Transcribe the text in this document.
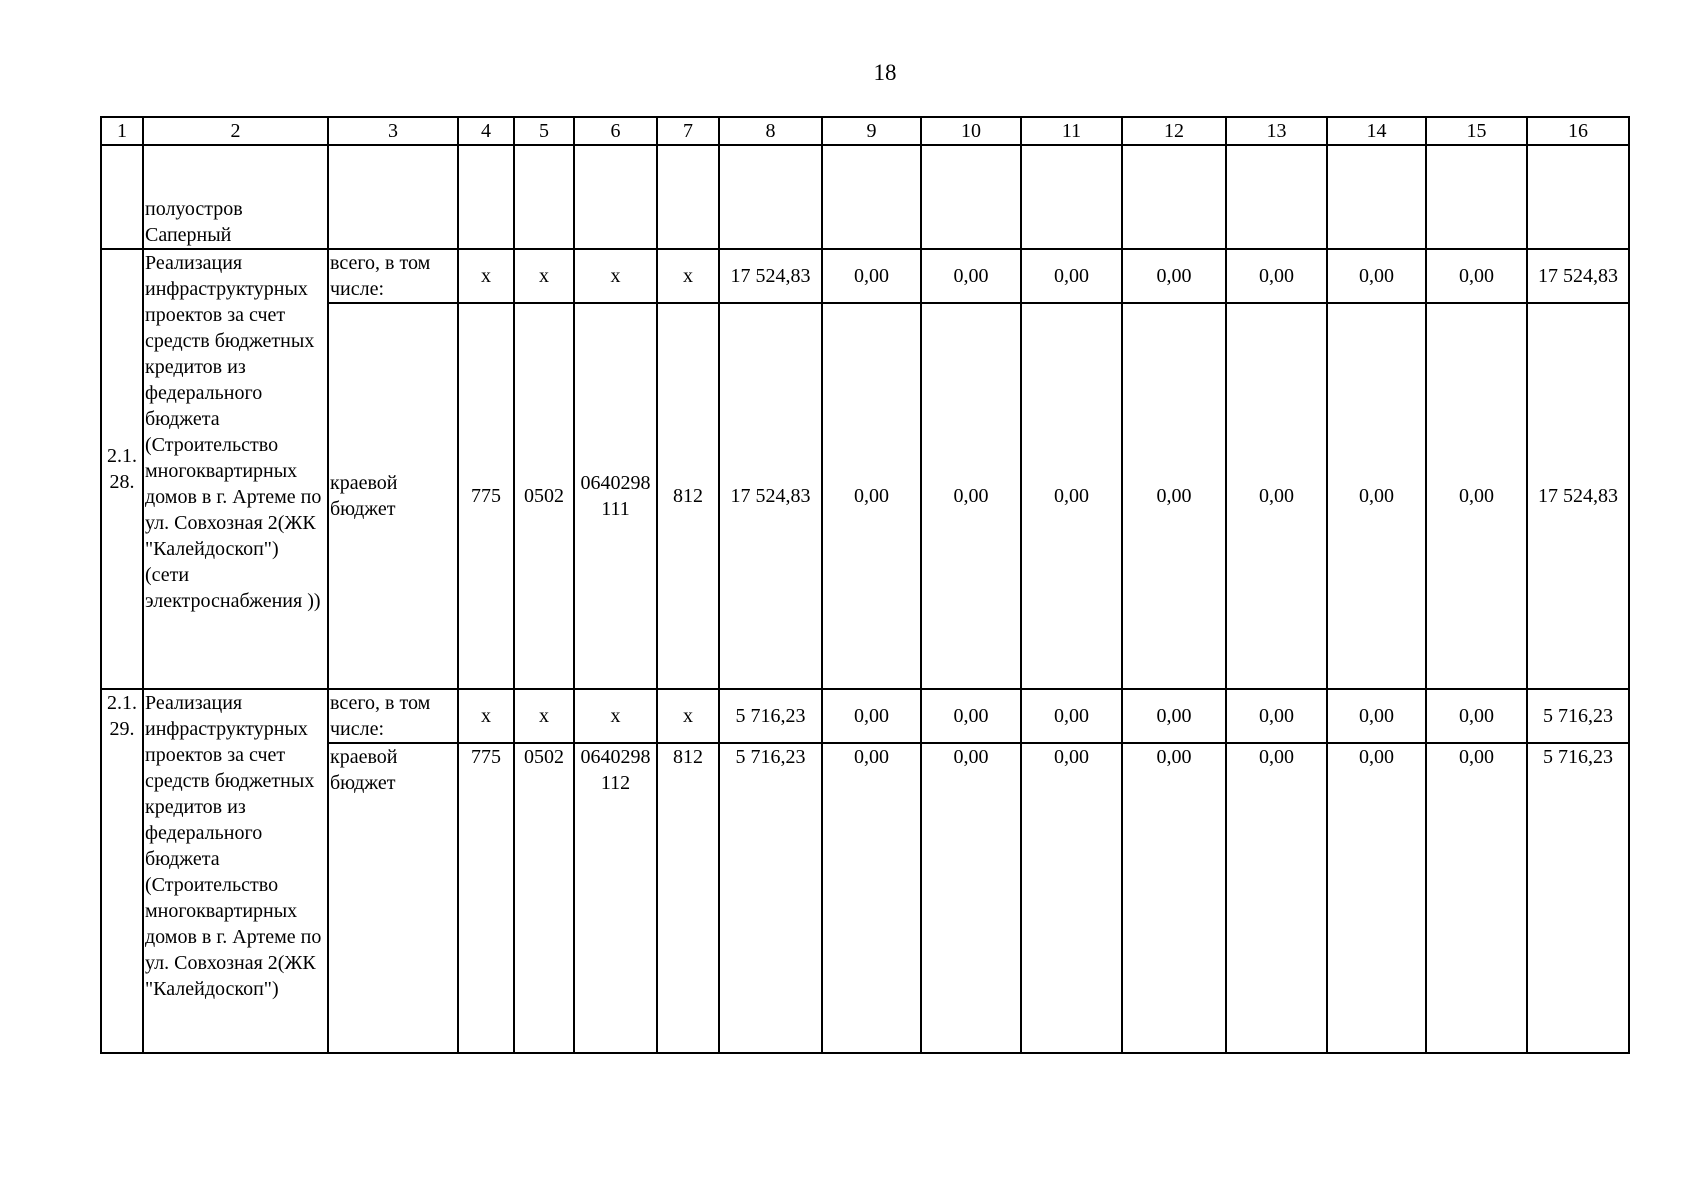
18
1	2	3	4	5	6	7	8	9	10	11	12	13	14	15	16
	полуостров Саперный														
2.1. 28.	Реализация инфраструктурных проектов за счет средств бюджетных кредитов из федерального бюджета (Строительство многоквартирных домов в г. Артеме по ул. Совхозная 2(ЖК "Калейдоскоп") (сети электроснабжения ))	всего, в том числе:	х	х	х	х	17 524,83	0,00	0,00	0,00	0,00	0,00	0,00	0,00	17 524,83
		краевой бюджет	775	0502	0640298 111	812	17 524,83	0,00	0,00	0,00	0,00	0,00	0,00	0,00	17 524,83
2.1. 29.	Реализация инфраструктурных проектов за счет средств бюджетных кредитов из федерального бюджета (Строительство многоквартирных домов в г. Артеме по ул. Совхозная 2(ЖК "Калейдоскоп")	всего, в том числе:	х	х	х	х	5 716,23	0,00	0,00	0,00	0,00	0,00	0,00	0,00	5 716,23
		краевой бюджет	775	0502	0640298 112	812	5 716,23	0,00	0,00	0,00	0,00	0,00	0,00	0,00	5 716,23
